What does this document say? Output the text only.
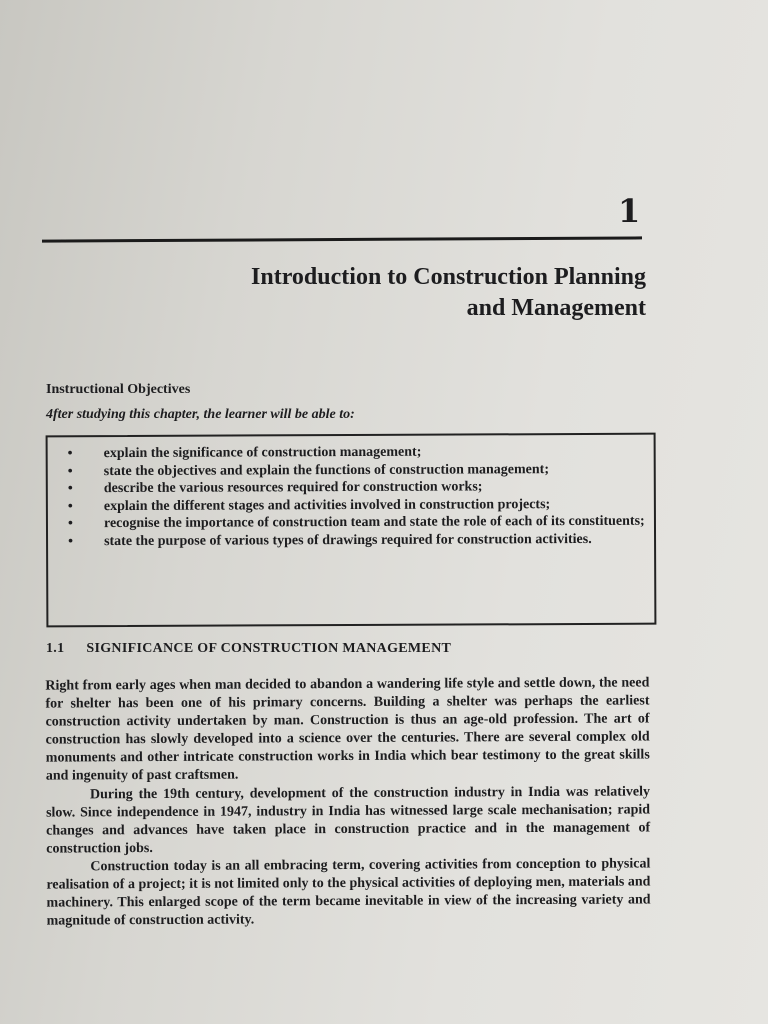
1
Introduction to Construction Planning
and Management
Instructional Objectives
4fter studying this chapter, the learner will be able to:
• explain the significance of construction management;
• state the objectives and explain the functions of construction management;
• describe the various resources required for construction works;
• explain the different stages and activities involved in construction projects;
• recognise the importance of construction team and state the role of each of its constituents;
• state the purpose of various types of drawings required for construction activities.
1.1 SIGNIFICANCE OF CONSTRUCTION MANAGEMENT

Right from early ages when man decided to abandon a wandering life style and settle down, the need for shelter has been one of his primary concerns. Building a shelter was perhaps the earliest construction activity undertaken by man. Construction is thus an age-old profession. The art of construction has slowly developed into a science over the centuries. There are several complex old monuments and other intricate construction works in India which bear testimony to the great skills and ingenuity of past craftsmen.

During the 19th century, development of the construction industry in India was relatively slow. Since independence in 1947, industry in India has witnessed large scale mechanisation; rapid changes and advances have taken place in construction practice and in the management of construction jobs.

Construction today is an all embracing term, covering activities from conception to physical realisation of a project; it is not limited only to the physical activities of deploying men, materials and machinery. This enlarged scope of the term became inevitable in view of the increasing variety and magnitude of construction activity.
